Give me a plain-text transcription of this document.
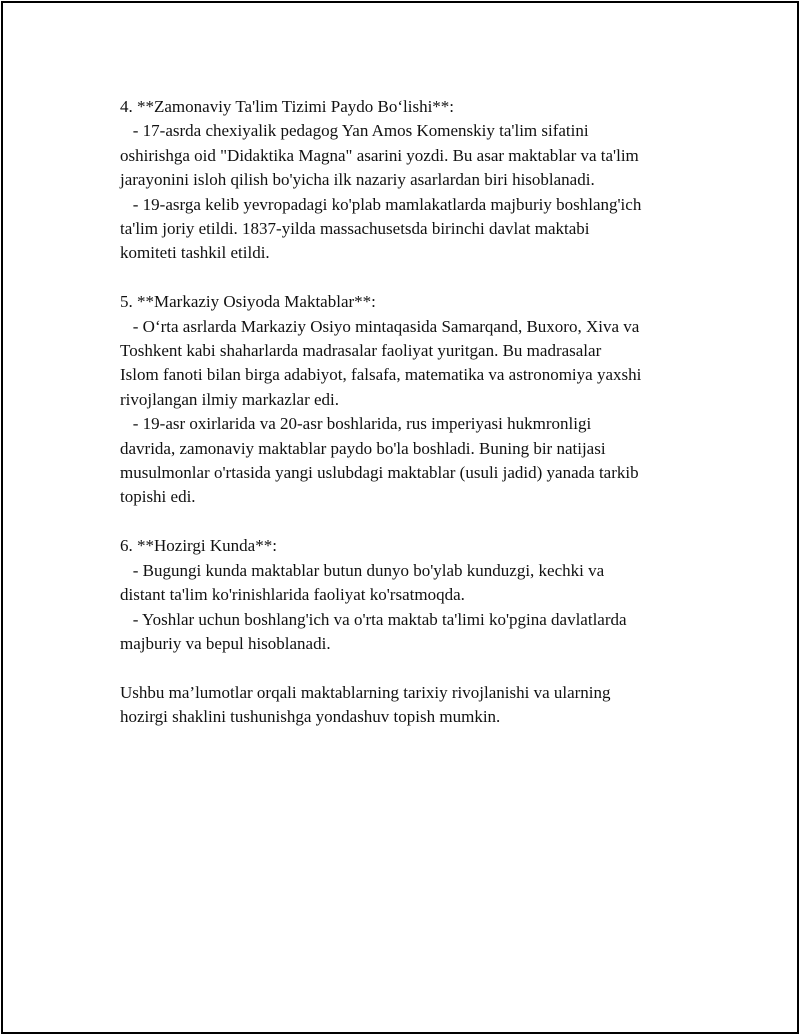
4. **Zamonaviy Ta'lim Tizimi Paydo Bo‘lishi**:
- 17-asrda chexiyalik pedagog Yan Amos Komenskiy ta'lim sifatini
oshirishga oid "Didaktika Magna" asarini yozdi. Bu asar maktablar va ta'lim
jarayonini isloh qilish bo'yicha ilk nazariy asarlardan biri hisoblanadi.
- 19-asrga kelib yevropadagi ko'plab mamlakatlarda majburiy boshlang'ich
ta'lim joriy etildi. 1837-yilda massachusetsda birinchi davlat maktabi
komiteti tashkil etildi.
5. **Markaziy Osiyoda Maktablar**:
- O‘rta asrlarda Markaziy Osiyo mintaqasida Samarqand, Buxoro, Xiva va
Toshkent kabi shaharlarda madrasalar faoliyat yuritgan. Bu madrasalar
Islom fanoti bilan birga adabiyot, falsafa, matematika va astronomiya yaxshi
rivojlangan ilmiy markazlar edi.
- 19-asr oxirlarida va 20-asr boshlarida, rus imperiyasi hukmronligi
davrida, zamonaviy maktablar paydo bo'la boshladi. Buning bir natijasi
musulmonlar o'rtasida yangi uslubdagi maktablar (usuli jadid) yanada tarkib
topishi edi.
6. **Hozirgi Kunda**:
- Bugungi kunda maktablar butun dunyo bo'ylab kunduzgi, kechki va
distant ta'lim ko'rinishlarida faoliyat ko'rsatmoqda.
- Yoshlar uchun boshlang'ich va o'rta maktab ta'limi ko'pgina davlatlarda
majburiy va bepul hisoblanadi.
Ushbu ma’lumotlar orqali maktablarning tarixiy rivojlanishi va ularning
hozirgi shaklini tushunishga yondashuv topish mumkin.
